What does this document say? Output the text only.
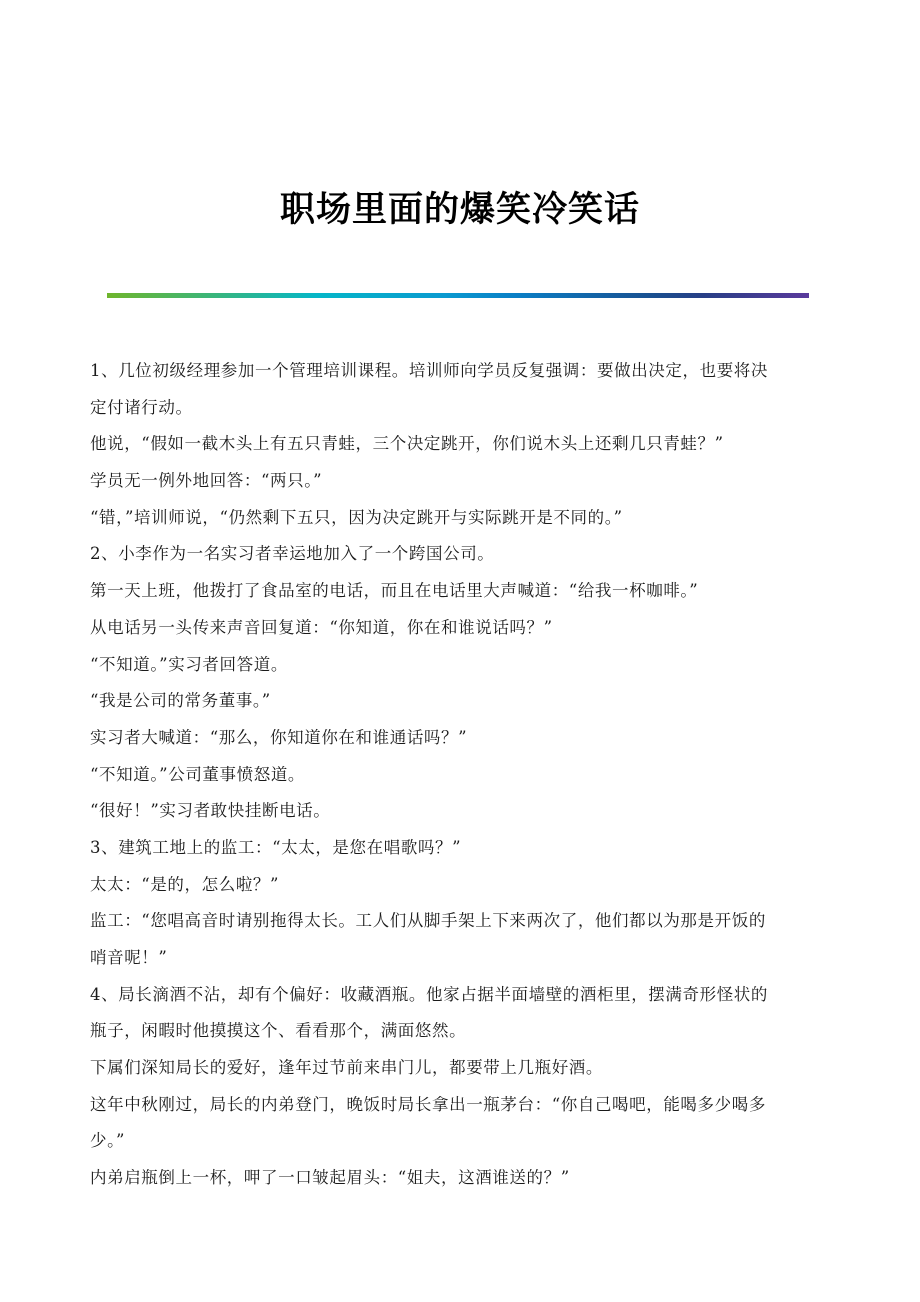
职场里面的爆笑冷笑话
1、几位初级经理参加一个管理培训课程。培训师向学员反复强调：要做出决定，也要将决
定付诸行动。
他说，“假如一截木头上有五只青蛙，三个决定跳开，你们说木头上还剩几只青蛙？”
学员无一例外地回答：“两只。”
“错，”培训师说，“仍然剩下五只，因为决定跳开与实际跳开是不同的。”
2、小李作为一名实习者幸运地加入了一个跨国公司。
第一天上班，他拨打了食品室的电话，而且在电话里大声喊道：“给我一杯咖啡。”
从电话另一头传来声音回复道：“你知道，你在和谁说话吗？”
“不知道。”实习者回答道。
“我是公司的常务董事。”
实习者大喊道：“那么，你知道你在和谁通话吗？”
“不知道。”公司董事愤怒道。
“很好！”实习者敢快挂断电话。
3、建筑工地上的监工：“太太，是您在唱歌吗？”
太太：“是的，怎么啦？”
监工：“您唱高音时请别拖得太长。工人们从脚手架上下来两次了，他们都以为那是开饭的
哨音呢！”
4、局长滴酒不沾，却有个偏好：收藏酒瓶。他家占据半面墙壁的酒柜里，摆满奇形怪状的
瓶子，闲暇时他摸摸这个、看看那个，满面悠然。
下属们深知局长的爱好，逢年过节前来串门儿，都要带上几瓶好酒。
这年中秋刚过，局长的内弟登门，晚饭时局长拿出一瓶茅台：“你自己喝吧，能喝多少喝多
少。”
内弟启瓶倒上一杯，呷了一口皱起眉头：“姐夫，这酒谁送的？”
